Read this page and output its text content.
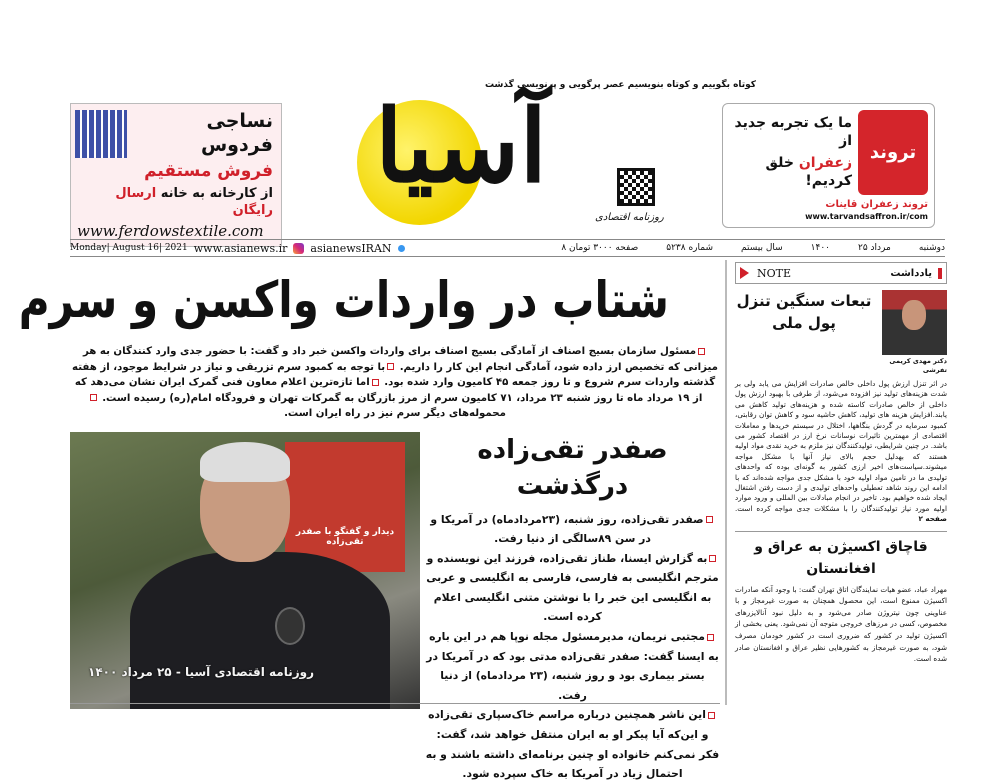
نساجی فردوس
فروش مستقیم
از کارخانه به خانه ارسال رایگان
www.ferdowstextile.com
کوتاه بگوییم و کوتاه بنویسیم عصر پرگویی و پرنویسی گذشت
آسیا
روزنامه اقتصادی
تروند
ما یک تجربه جدید از
زعفران خلق کردیم!
تروند زعفران قاینات
www.tarvandsaffron.ir/com
Monday| August 16| 2021 www.asianews.ir asianewsIRAN	۸ صفحه ۳۰۰۰ تومان	شماره ۵۲۳۸	سال بیستم	۱۴۰۰	۲۵ مرداد	دوشنبه
شتاب در واردات واکسن و سرم
مسئول سازمان بسیج اصناف از آمادگی بسیج اصناف برای واردات واکسن خبر داد و گفت: با حضور جدی وارد کنندگان به هر میزانی که تخصیص ارز داده شود، آمادگی انجام این کار را داریم. با توجه به کمبود سرم تزریقی و نیاز در شرایط موجود، از هفته گذشته واردات سرم شروع و تا روز جمعه ۴۵ کامیون وارد شده بود. اما تازه‌ترین اعلام معاون فنی گمرک ایران نشان می‌دهد که از ۱۹ مرداد ماه تا روز شنبه ۲۳ مرداد، ۷۱ کامیون سرم از مرز بازرگان به گمرکات تهران و فرودگاه امام(ره) رسیده است. محموله‌های دیگر سرم نیز در راه ایران است.
دیدار و گفتگو با صفدر تقی‌زاده
روزنامه اقتصادی آسیا - ۲۵ مرداد ۱۴۰۰
صفدر تقی‌زاده درگذشت
صفدر تقی‌زاده، روز شنبه، (۲۳مردادماه) در آمریکا و در سن ۸۹سالگی از دنیا رفت.
به گزارش ایسنا، طناز تقی‌زاده، فرزند این نویسنده و مترجم انگلیسی به فارسی، فارسی به انگلیسی و عربی به انگلیسی این خبر را با نوشتن متنی انگلیسی اعلام کرده است.
مجتبی نریمان، مدیرمسئول مجله نوپا هم در این باره به ایسنا گفت: صفدر تقی‌زاده مدتی بود که در آمریکا در بستر بیماری بود و روز شنبه، (۲۳ مردادماه) از دنیا رفت.
این ناشر همچنین درباره مراسم خاک‌سپاری تقی‌زاده و این‌که آیا پیکر او به ایران منتقل خواهد شد، گفت: فکر نمی‌کنم خانواده او چنین برنامه‌ای داشته باشند و به احتمال زیاد در آمریکا به خاک سپرده شود.
NOTE	یادداشت
دکتر مهدی کریمی تفرشی
تبعات سنگین تنزل پول ملی
در اثر تنزل ارزش پول داخلی خالص صادرات افزایش می یابد ولی بر شدت هزینه‌های تولید نیز افزوده می‌شود، از طرفی با بهبود ارزش پول داخلی از خالص صادرات کاسته شده و هزینه‌های تولید کاهش می یابند.افزایش هزینه های تولید، کاهش حاشیه سود و کاهش توان رقابتی، کمبود سرمایه در گردش بنگاهها، اختلال در سیستم خریدها و معاملات اقتصادی از مهمترین تاثیرات نوسانات نرخ ارز در اقتصاد کشور می باشد. در چنین شرایطی، تولیدکنندگان نیز ملزم به خرید نقدی مواد اولیه هستند که بهدلیل حجم بالای نیاز آنها با مشکل مواجه میشوند.سیاست‌های اخیر ارزی کشور به گونه‌ای بوده که واحدهای تولیدی ما در تامین مواد اولیه خود با مشکل جدی مواجه شده‌اند که با ادامه این روند شاهد تعطیلی واحدهای تولیدی و از دست رفتن اشتغال ایجاد شده خواهیم بود. تاخیر در انجام مبادلات بین المللی و ورود موارد اولیه مورد نیاز تولیدکنندگان را با مشکلات جدی مواجه کرده است. صفحه ۲
قاچاق اکسیژن به عراق و افغانستان
مهراد عباد، عضو هیات نمایندگان اتاق تهران گفت: با وجود آنکه صادرات اکسیژن ممنوع است، این محصول همچنان به صورت غیرمجاز و با عناوینی چون نیتروژن صادر می‌شود و به دلیل نبود آنالایزرهای مخصوص، کسی در مرزهای خروجی متوجه آن نمی‌شود. یعنی بخشی از اکسیژن تولید در کشور که ضروری است در کشور خودمان مصرف شود، به صورت غیرمجاز به کشورهایی نظیر عراق و افغانستان صادر شده است.
